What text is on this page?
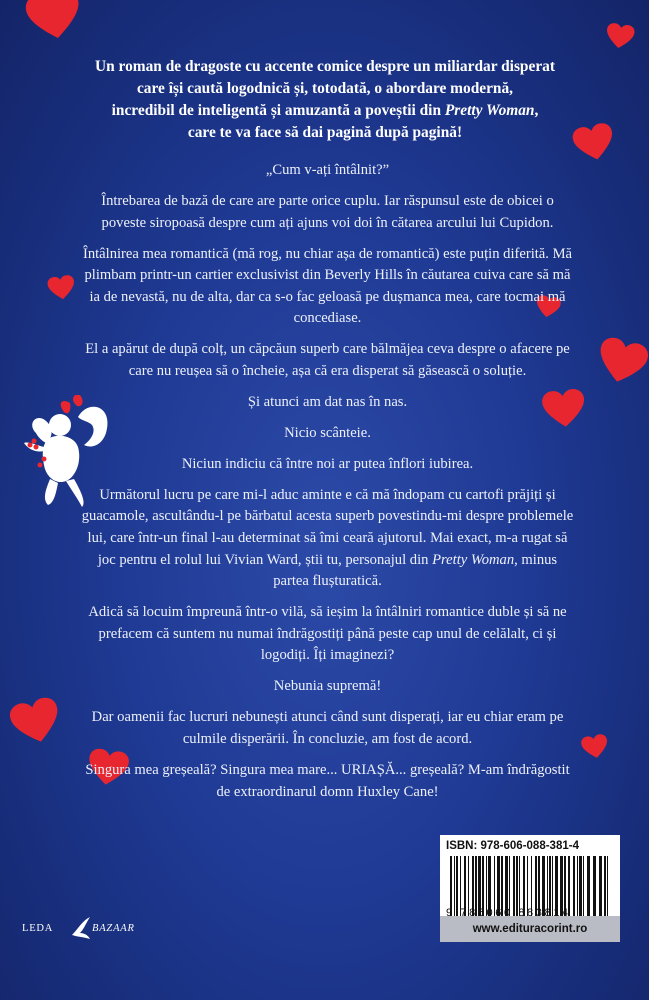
Un roman de dragoste cu accente comice despre un miliardar disperat
care își caută logodnică și, totodată, o abordare modernă,
incredibil de inteligentă și amuzantă a poveștii din Pretty Woman,
care te va face să dai pagină după pagină!

„Cum v-ați întâlnit?”

Întrebarea de bază de care are parte orice cuplu. Iar răspunsul este de obicei o poveste siropoasă despre cum ați ajuns voi doi în cătarea arcului lui Cupidon.

Întâlnirea mea romantică (mă rog, nu chiar așa de romantică) este puțin diferită. Mă plimbam printr-un cartier exclusivist din Beverly Hills în căutarea cuiva care să mă ia de nevastă, nu de alta, dar ca s-o fac geloasă pe dușmanca mea, care tocmai mă concediase.

El a apărut de după colț, un căpcăun superb care bălmăjea ceva despre o afacere pe care nu reușea să o încheie, așa că era disperat să găsească o soluție.

Și atunci am dat nas în nas.

Nicio scânteie.

Niciun indiciu că între noi ar putea înflori iubirea.

Următorul lucru pe care mi-l aduc aminte e că mă îndopam cu cartofi prăjiți și guacamole, ascultându-l pe bărbatul acesta superb povestindu-mi despre problemele lui, care într-un final l-au determinat să îmi ceară ajutorul. Mai exact, m-a rugat să joc pentru el rolul lui Vivian Ward, știi tu, personajul din Pretty Woman, minus partea flușturatică.

Adică să locuim împreună într-o vilă, să ieșim la întâlniri romantice duble și să ne prefacem că suntem nu numai îndrăgostiți până peste cap unul de celălalt, ci și logodiți. Îți imaginezi?

Nebunia supremă!

Dar oamenii fac lucruri nebunești atunci când sunt disperați, iar eu chiar eram pe culmile disperării. În concluzie, am fost de acord.

Singura mea greșeală? Singura mea mare... URIAȘĂ... greșeală? M-am îndrăgostit de extraordinarul domn Huxley Cane!

LEDA	BAZAAR
ISBN: 978-606-088-381-4
www.edituracorint.ro
9 786060 883814
